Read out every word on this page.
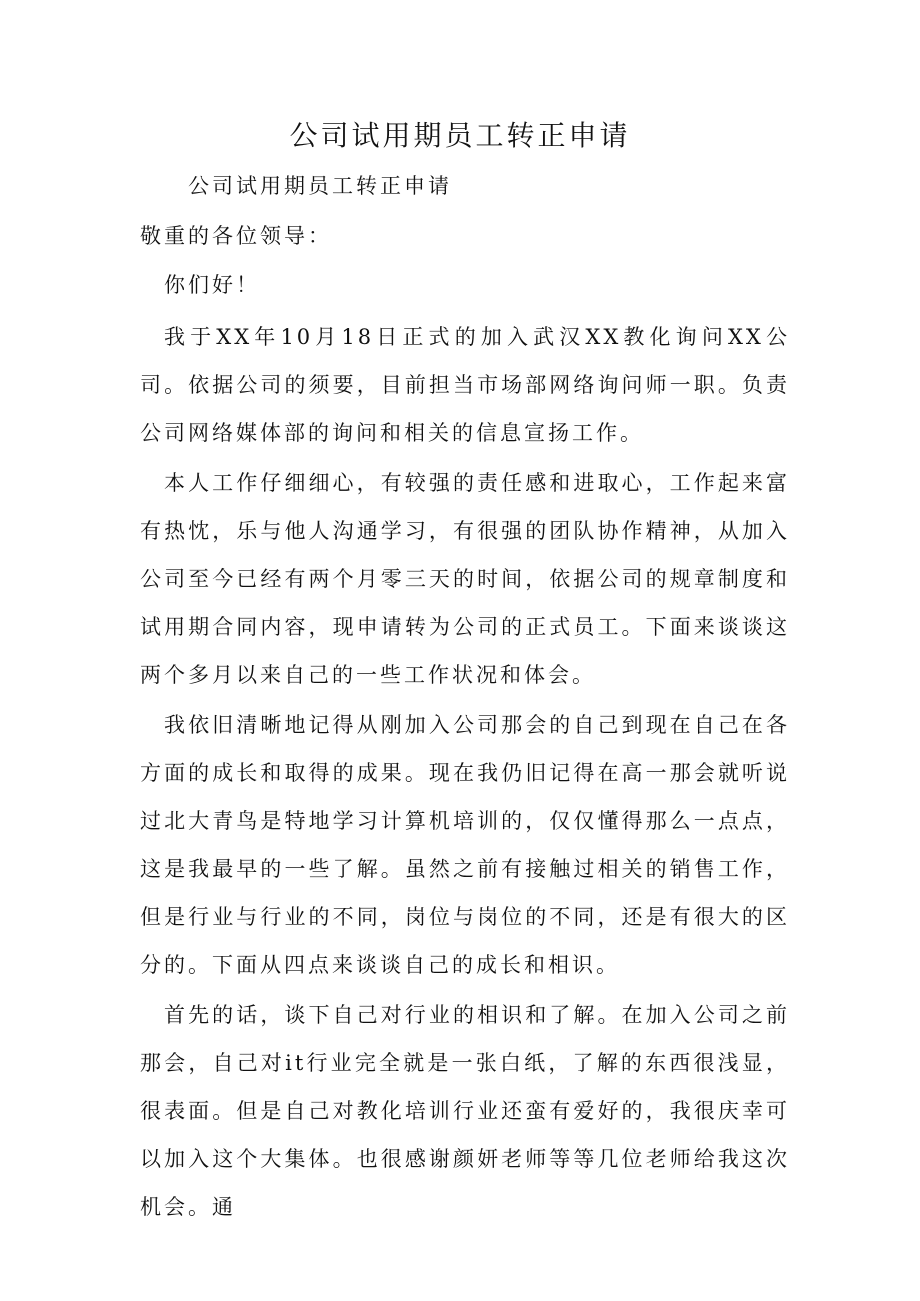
公司试用期员工转正申请
公司试用期员工转正申请
敬重的各位领导：
你们好！

我于XX年10月18日正式的加入武汉XX教化询问XX公司。依据公司的须要，目前担当市场部网络询问师一职。负责公司网络媒体部的询问和相关的信息宣扬工作。

本人工作仔细细心，有较强的责任感和进取心，工作起来富有热忱，乐与他人沟通学习，有很强的团队协作精神，从加入公司至今已经有两个月零三天的时间，依据公司的规章制度和试用期合同内容，现申请转为公司的正式员工。下面来谈谈这两个多月以来自己的一些工作状况和体会。

我依旧清晰地记得从刚加入公司那会的自己到现在自己在各方面的成长和取得的成果。现在我仍旧记得在高一那会就听说过北大青鸟是特地学习计算机培训的，仅仅懂得那么一点点，这是我最早的一些了解。虽然之前有接触过相关的销售工作，但是行业与行业的不同，岗位与岗位的不同，还是有很大的区分的。下面从四点来谈谈自己的成长和相识。

首先的话，谈下自己对行业的相识和了解。在加入公司之前那会，自己对it行业完全就是一张白纸，了解的东西很浅显，很表面。但是自己对教化培训行业还蛮有爱好的，我很庆幸可以加入这个大集体。也很感谢颜妍老师等等几位老师给我这次机会。通
